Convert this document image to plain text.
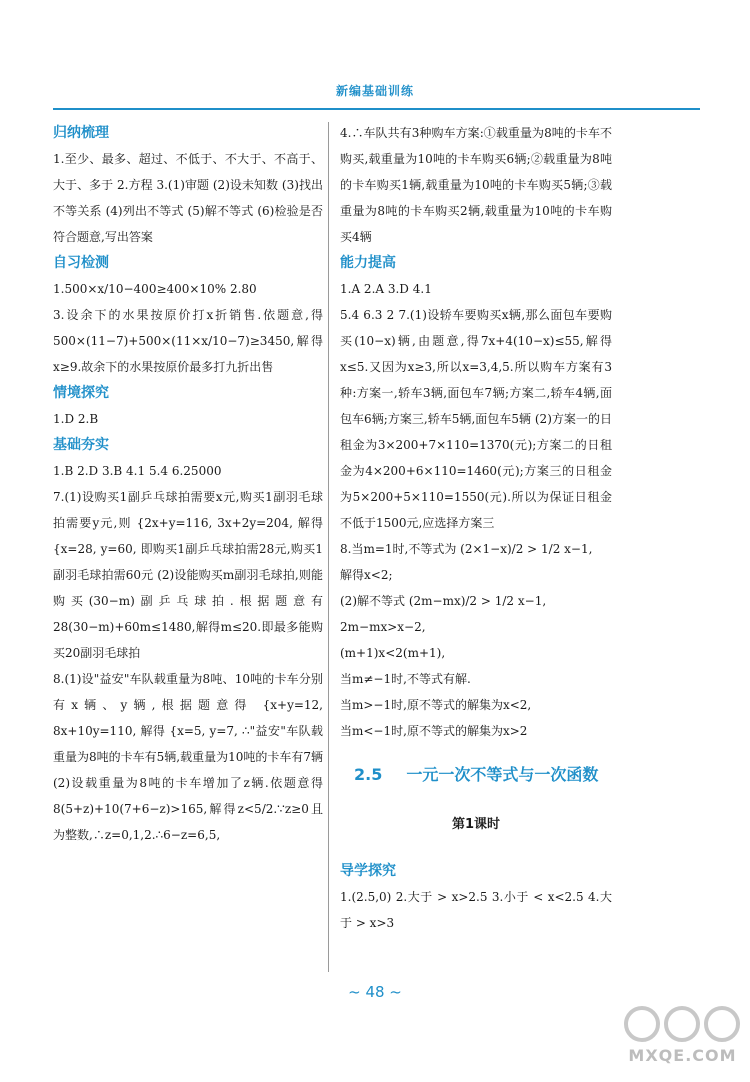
新编基础训练
归纳梳理

1.至少、最多、超过、不低于、不大于、不高于、大于、多于 2.方程 3.(1)审题 (2)设未知数 (3)找出不等关系 (4)列出不等式 (5)解不等式 (6)检验是否符合题意,写出答案

自习检测

1.500×x/10−400≥400×10% 2.80

3.设余下的水果按原价打x折销售.依题意,得500×(11−7)+500×(11×x/10−7)≥3450,解得x≥9.故余下的水果按原价最多打九折出售

情境探究

1.D 2.B

基础夯实

1.B 2.D 3.B 4.1 5.4 6.25000

7.(1)设购买1副乒乓球拍需要x元,购买1副羽毛球拍需要y元,则 {2x+y=116, 3x+2y=204, 解得 {x=28, y=60, 即购买1副乒乓球拍需28元,购买1副羽毛球拍需60元 (2)设能购买m副羽毛球拍,则能购买(30−m)副乒乓球拍.根据题意有28(30−m)+60m≤1480,解得m≤20.即最多能购买20副羽毛球拍

8.(1)设"益安"车队载重量为8吨、10吨的卡车分别有x辆、y辆,根据题意得 {x+y=12, 8x+10y=110, 解得 {x=5, y=7, ∴"益安"车队载重量为8吨的卡车有5辆,载重量为10吨的卡车有7辆 (2)设载重量为8吨的卡车增加了z辆.依题意得8(5+z)+10(7+6−z)>165,解得z<5/2.∵z≥0且为整数,∴z=0,1,2.∴6−z=6,5,

4.∴车队共有3种购车方案:①载重量为8吨的卡车不购买,载重量为10吨的卡车购买6辆;②载重量为8吨的卡车购买1辆,载重量为10吨的卡车购买5辆;③载重量为8吨的卡车购买2辆,载重量为10吨的卡车购买4辆

能力提高

1.A 2.A 3.D 4.1

5.4 6.3 2 7.(1)设轿车要购买x辆,那么面包车要购买(10−x)辆,由题意,得7x+4(10−x)≤55,解得x≤5.又因为x≥3,所以x=3,4,5.所以购车方案有3种:方案一,轿车3辆,面包车7辆;方案二,轿车4辆,面包车6辆;方案三,轿车5辆,面包车5辆 (2)方案一的日租金为3×200+7×110=1370(元);方案二的日租金为4×200+6×110=1460(元);方案三的日租金为5×200+5×110=1550(元).所以为保证日租金不低于1500元,应选择方案三

8.当m=1时,不等式为 (2×1−x)/2 > 1/2 x−1,

解得x<2;

(2)解不等式 (2m−mx)/2 > 1/2 x−1,

2m−mx>x−2,

(m+1)x<2(m+1),

当m≠−1时,不等式有解.

当m>−1时,原不等式的解集为x<2,

当m<−1时,原不等式的解集为x>2

2.5 一元一次不等式与一次函数
第1课时
导学探究

1.(2.5,0) 2.大于 > x>2.5 3.小于 < x<2.5 4.大于 > x>3

~ 48 ~
MXQE.COM
